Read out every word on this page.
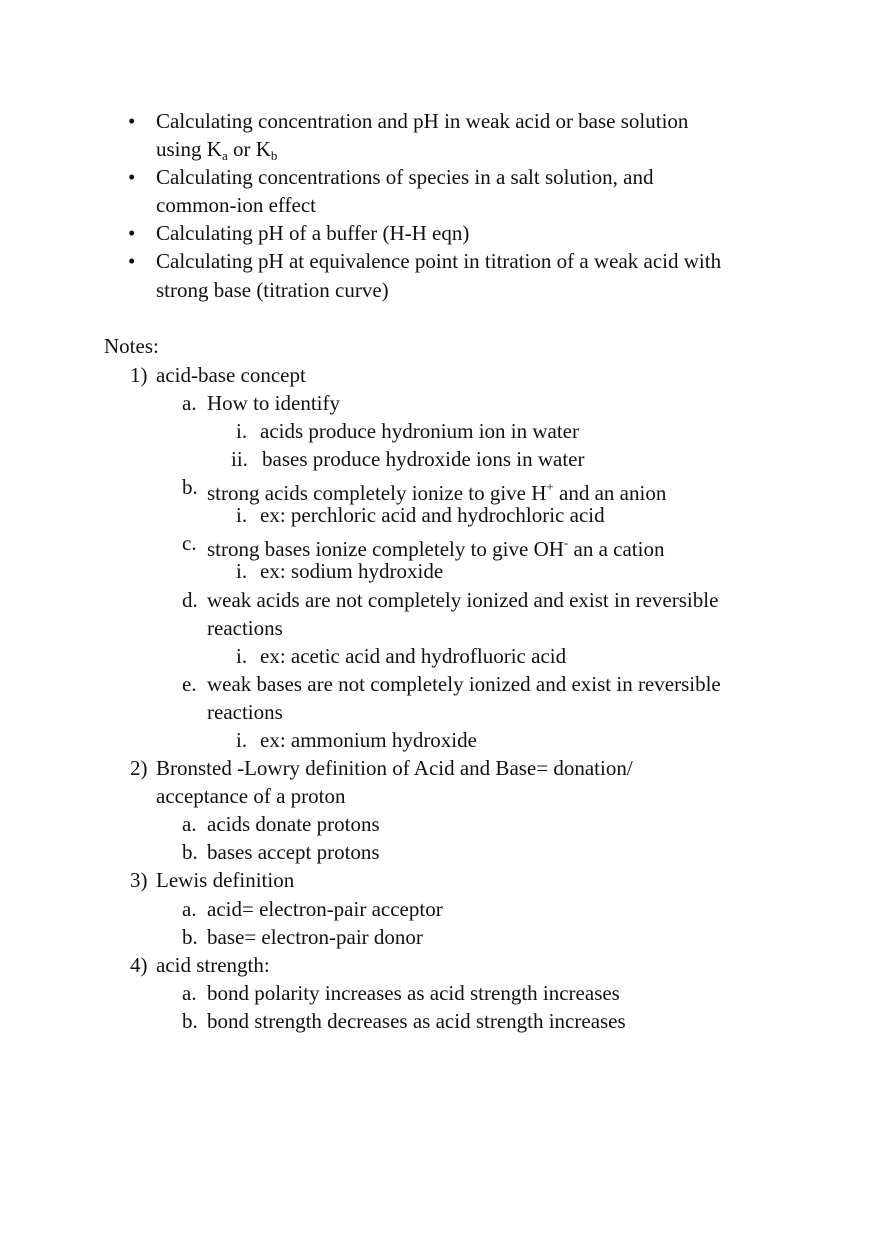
• Calculating concentration and pH in weak acid or base solution
using $K_a$ or $K_b$
• Calculating concentrations of species in a salt solution, and
common-ion effect
• Calculating pH of a buffer (H-H eqn)
• Calculating pH at equivalence point in titration of a weak acid with
strong base (titration curve)
Notes:
1) acid-base concept
a. How to identify
i. acids produce hydronium ion in water
ii. bases produce hydroxide ions in water
b. strong acids completely ionize to give H+ and an anion
i. ex: perchloric acid and hydrochloric acid
c. strong bases ionize completely to give OH- an a cation
i. ex: sodium hydroxide
d. weak acids are not completely ionized and exist in reversible
reactions
i. ex: acetic acid and hydrofluoric acid
e. weak bases are not completely ionized and exist in reversible
reactions
i. ex: ammonium hydroxide
2) Bronsted -Lowry definition of Acid and Base= donation/
acceptance of a proton
a. acids donate protons
b. bases accept protons
3) Lewis definition
a. acid= electron-pair acceptor
b. base= electron-pair donor
4) acid strength:
a. bond polarity increases as acid strength increases
b. bond strength decreases as acid strength increases
